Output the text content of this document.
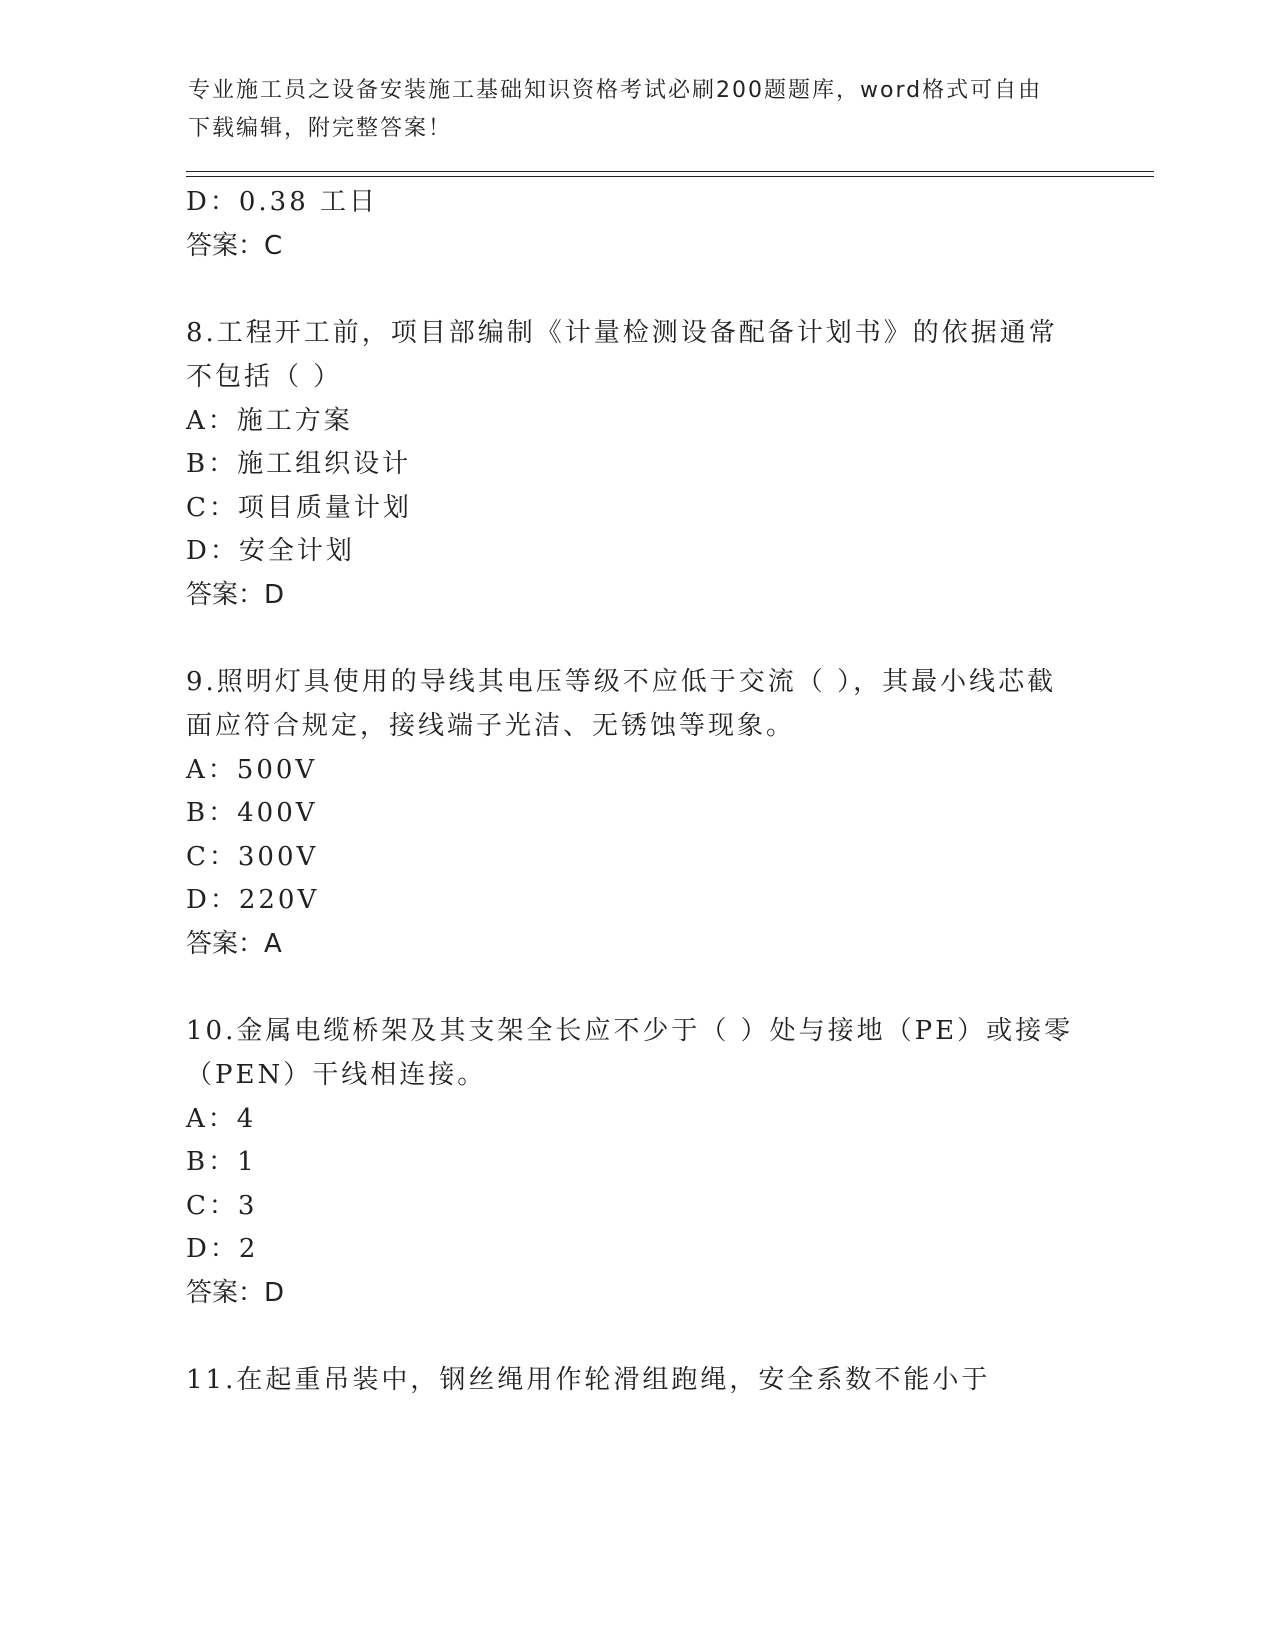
专业施工员之设备安装施工基础知识资格考试必刷200题题库，word格式可自由
下载编辑，附完整答案！
D：0.38 工日
答案：C
8.工程开工前，项目部编制《计量检测设备配备计划书》的依据通常
不包括（ ）
A：施工方案
B：施工组织设计
C：项目质量计划
D：安全计划
答案：D
9.照明灯具使用的导线其电压等级不应低于交流（ ），其最小线芯截
面应符合规定，接线端子光洁、无锈蚀等现象。
A：500V
B：400V
C：300V
D：220V
答案：A
10.金属电缆桥架及其支架全长应不少于（ ）处与接地（PE）或接零
（PEN）干线相连接。
A：4
B：1
C：3
D：2
答案：D
11.在起重吊装中，钢丝绳用作轮滑组跑绳，安全系数不能小于
